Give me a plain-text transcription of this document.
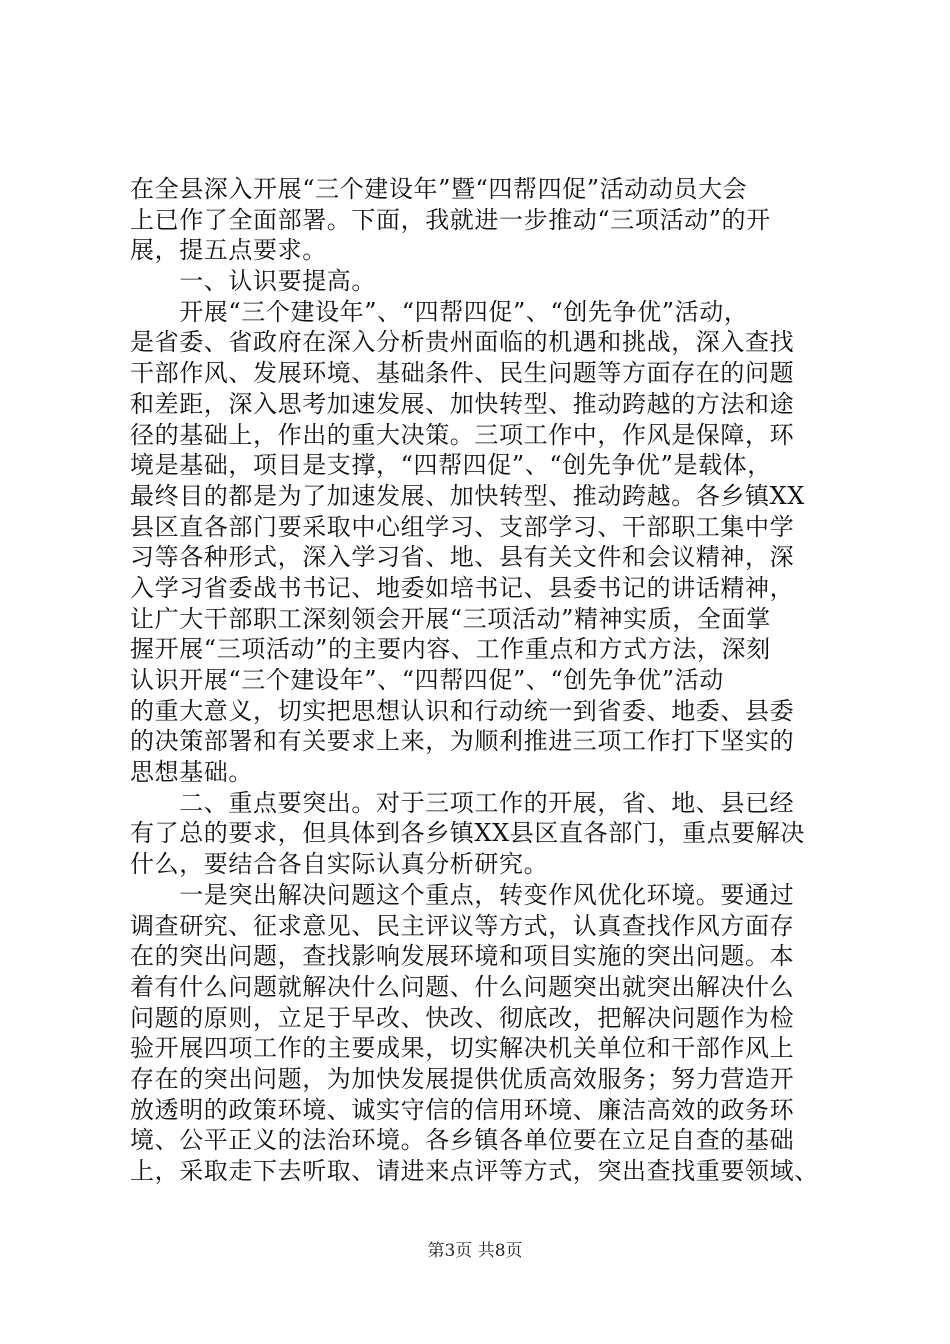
在全县深入开展“三个建设年”暨“四帮四促”活动动员大会
上已作了全面部署。下面，我就进一步推动“三项活动”的开
展，提五点要求。
　　一、认识要提高。
　　开展“三个建设年”、“四帮四促”、“创先争优”活动，
是省委、省政府在深入分析贵州面临的机遇和挑战，深入查找
干部作风、发展环境、基础条件、民生问题等方面存在的问题
和差距，深入思考加速发展、加快转型、推动跨越的方法和途
径的基础上，作出的重大决策。三项工作中，作风是保障，环
境是基础，项目是支撑，“四帮四促”、“创先争优”是载体，
最终目的都是为了加速发展、加快转型、推动跨越。各乡镇XX
县区直各部门要采取中心组学习、支部学习、干部职工集中学
习等各种形式，深入学习省、地、县有关文件和会议精神，深
入学习省委战书书记、地委如培书记、县委书记的讲话精神，
让广大干部职工深刻领会开展“三项活动”精神实质，全面掌
握开展“三项活动”的主要内容、工作重点和方式方法，深刻
认识开展“三个建设年”、“四帮四促”、“创先争优”活动
的重大意义，切实把思想认识和行动统一到省委、地委、县委
的决策部署和有关要求上来，为顺利推进三项工作打下坚实的
思想基础。
　　二、重点要突出。对于三项工作的开展，省、地、县已经
有了总的要求，但具体到各乡镇XX县区直各部门，重点要解决
什么，要结合各自实际认真分析研究。
　　一是突出解决问题这个重点，转变作风优化环境。要通过
调查研究、征求意见、民主评议等方式，认真查找作风方面存
在的突出问题，查找影响发展环境和项目实施的突出问题。本
着有什么问题就解决什么问题、什么问题突出就突出解决什么
问题的原则，立足于早改、快改、彻底改，把解决问题作为检
验开展四项工作的主要成果，切实解决机关单位和干部作风上
存在的突出问题，为加快发展提供优质高效服务；努力营造开
放透明的政策环境、诚实守信的信用环境、廉洁高效的政务环
境、公平正义的法治环境。各乡镇各单位要在立足自查的基础
上，采取走下去听取、请进来点评等方式，突出查找重要领域、
第3页 共8页
